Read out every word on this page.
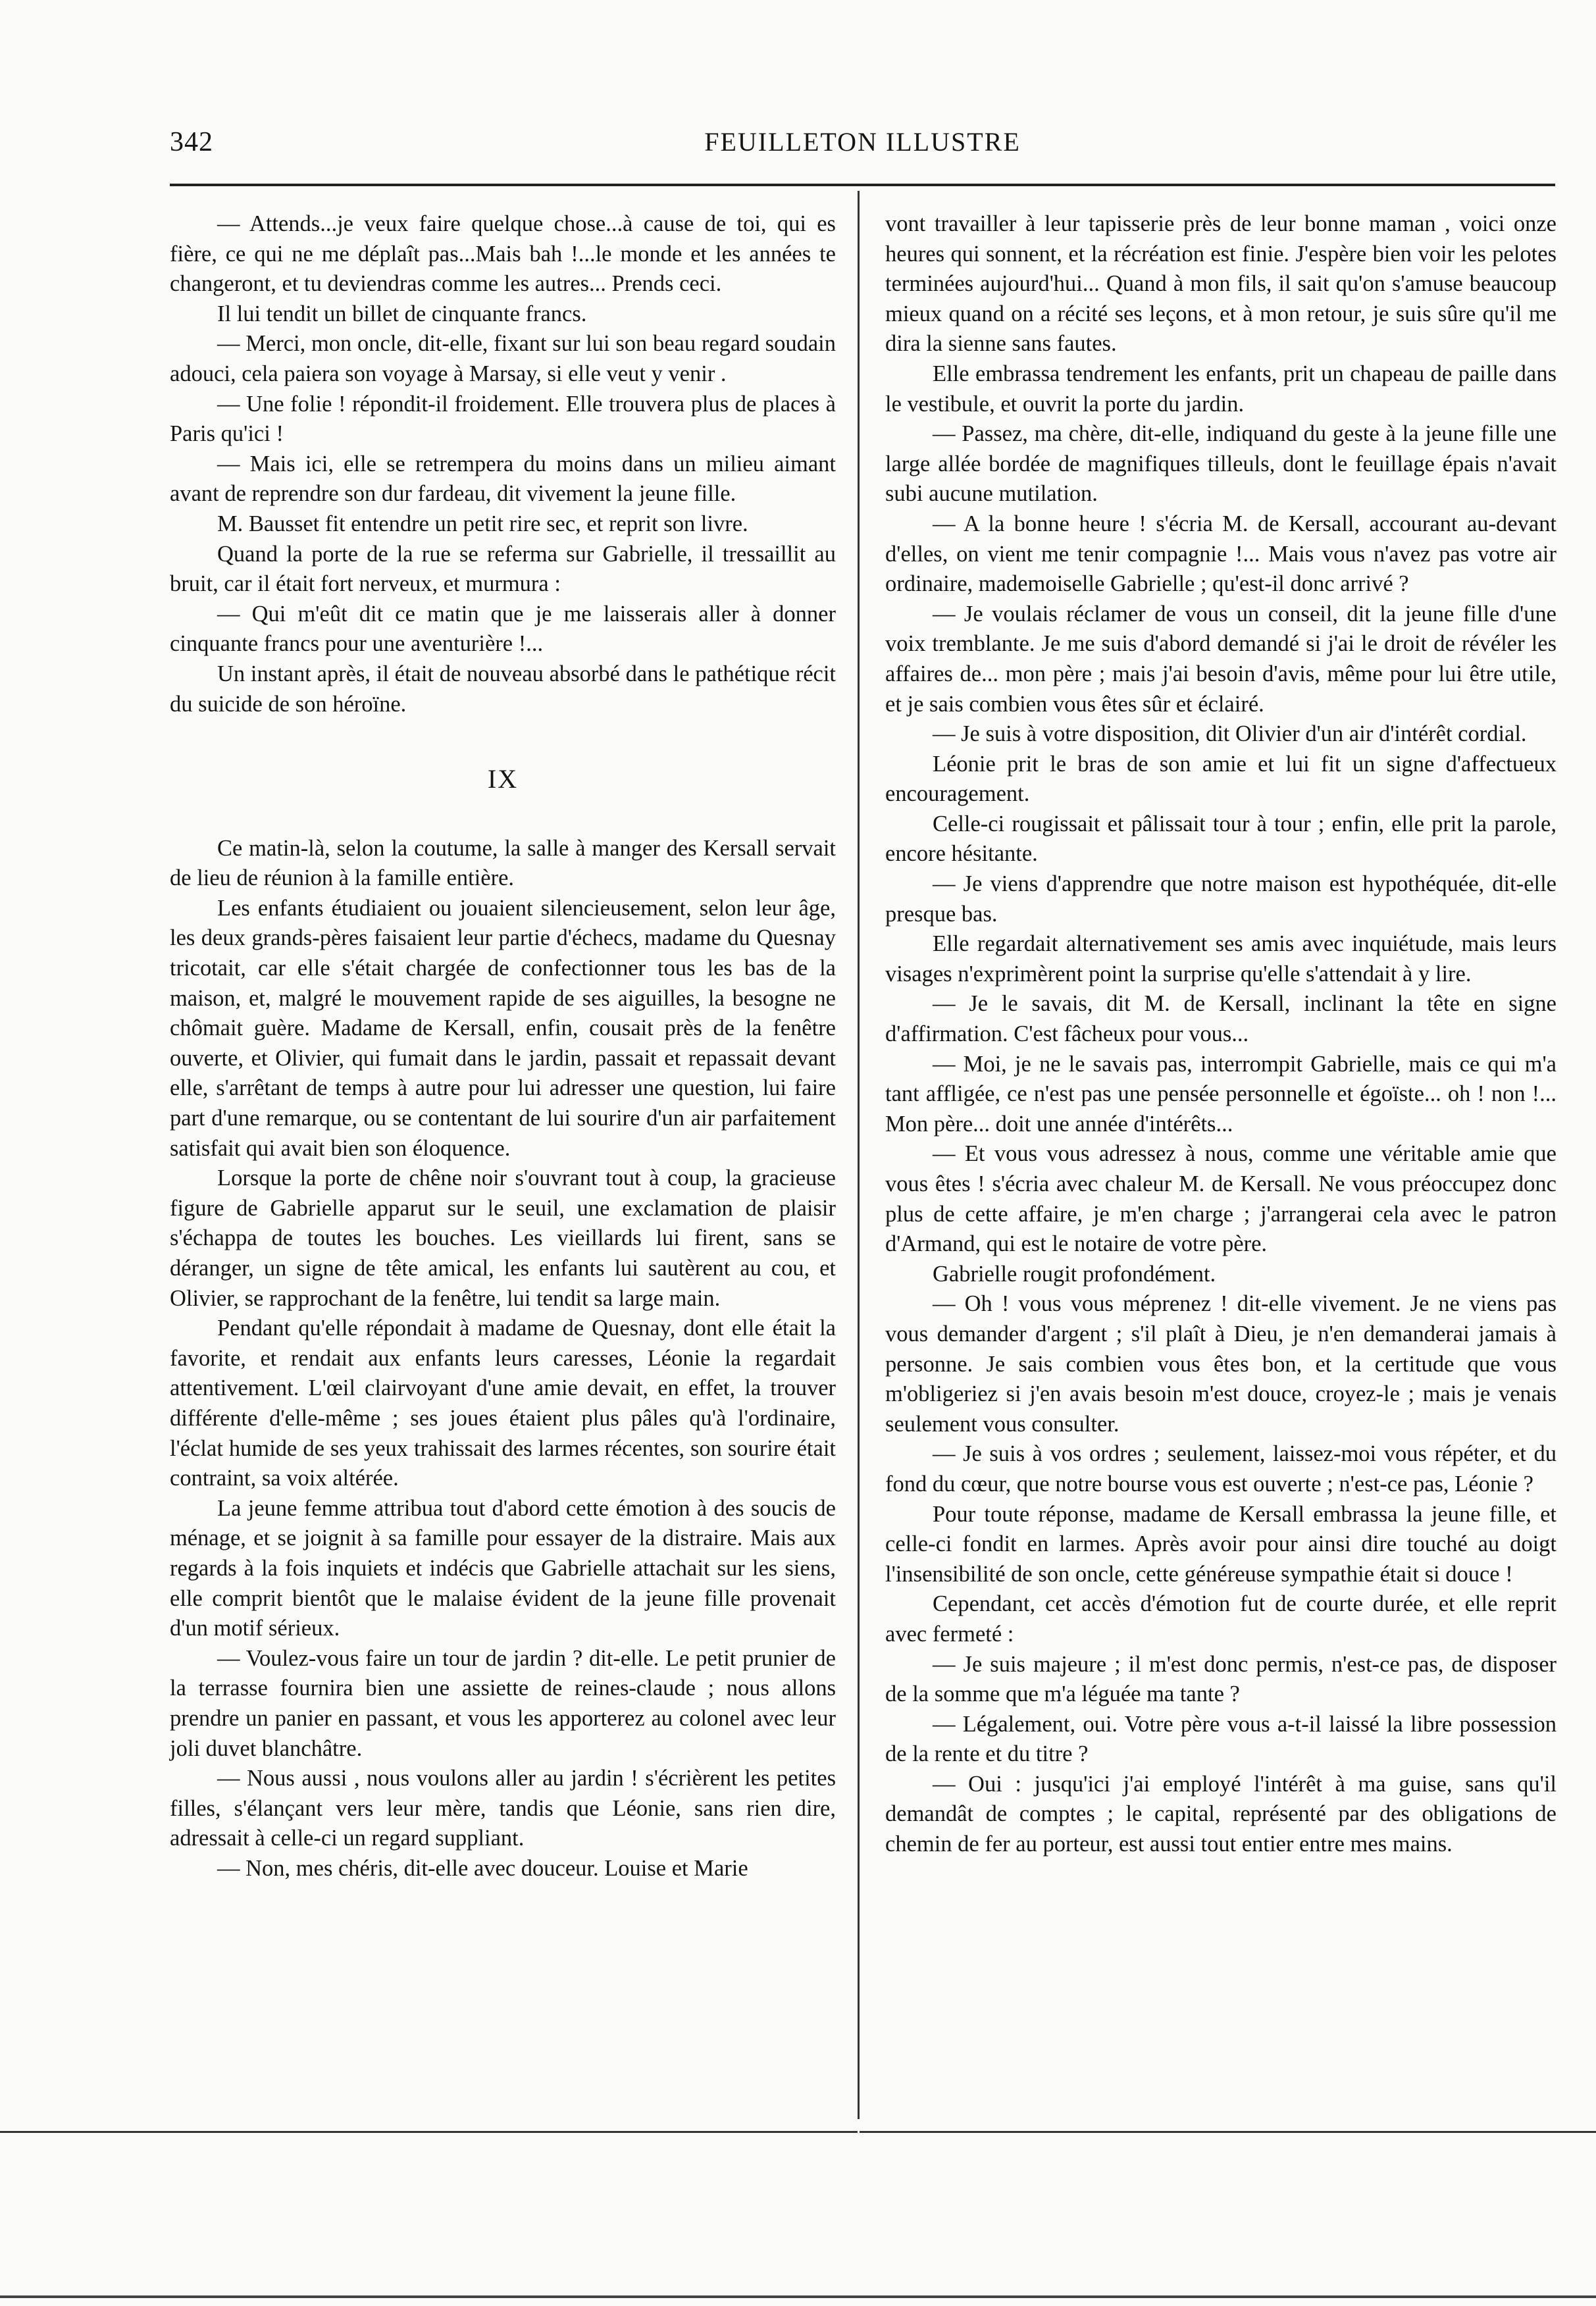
342	FEUILLETON ILLUSTRE

— Attends...je veux faire quelque chose...à cause de toi, qui es fière, ce qui ne me déplaît pas...Mais bah !...le monde et les années te changeront, et tu deviendras comme les autres... Prends ceci.

Il lui tendit un billet de cinquante francs.

— Merci, mon oncle, dit-elle, fixant sur lui son beau regard soudain adouci, cela paiera son voyage à Marsay, si elle veut y venir .

— Une folie ! répondit-il froidement. Elle trouvera plus de places à Paris qu'ici !

— Mais ici, elle se retrempera du moins dans un milieu aimant avant de reprendre son dur fardeau, dit vivement la jeune fille.

M. Bausset fit entendre un petit rire sec, et reprit son livre.

Quand la porte de la rue se referma sur Gabrielle, il tressaillit au bruit, car il était fort nerveux, et murmura :

— Qui m'eût dit ce matin que je me laisserais aller à donner cinquante francs pour une aventurière !...

Un instant après, il était de nouveau absorbé dans le pathétique récit du suicide de son héroïne.

IX

Ce matin-là, selon la coutume, la salle à manger des Kersall servait de lieu de réunion à la famille entière.

Les enfants étudiaient ou jouaient silencieusement, selon leur âge, les deux grands-pères faisaient leur partie d'échecs, madame du Quesnay tricotait, car elle s'était chargée de confectionner tous les bas de la maison, et, malgré le mouvement rapide de ses aiguilles, la besogne ne chômait guère. Madame de Kersall, enfin, cousait près de la fenêtre ouverte, et Olivier, qui fumait dans le jardin, passait et repassait devant elle, s'arrêtant de temps à autre pour lui adresser une question, lui faire part d'une remarque, ou se contentant de lui sourire d'un air parfaitement satisfait qui avait bien son éloquence.

Lorsque la porte de chêne noir s'ouvrant tout à coup, la gracieuse figure de Gabrielle apparut sur le seuil, une exclamation de plaisir s'échappa de toutes les bouches. Les vieillards lui firent, sans se déranger, un signe de tête amical, les enfants lui sautèrent au cou, et Olivier, se rapprochant de la fenêtre, lui tendit sa large main.

Pendant qu'elle répondait à madame de Quesnay, dont elle était la favorite, et rendait aux enfants leurs caresses, Léonie la regardait attentivement. L'œil clairvoyant d'une amie devait, en effet, la trouver différente d'elle-même ; ses joues étaient plus pâles qu'à l'ordinaire, l'éclat humide de ses yeux trahissait des larmes récentes, son sourire était contraint, sa voix altérée.

La jeune femme attribua tout d'abord cette émotion à des soucis de ménage, et se joignit à sa famille pour essayer de la distraire. Mais aux regards à la fois inquiets et indécis que Gabrielle attachait sur les siens, elle comprit bientôt que le malaise évident de la jeune fille provenait d'un motif sérieux.

— Voulez-vous faire un tour de jardin ? dit-elle. Le petit prunier de la terrasse fournira bien une assiette de reines-claude ; nous allons prendre un panier en passant, et vous les apporterez au colonel avec leur joli duvet blanchâtre.

— Nous aussi , nous voulons aller au jardin ! s'écrièrent les petites filles, s'élançant vers leur mère, tandis que Léonie, sans rien dire, adressait à celle-ci un regard suppliant.

— Non, mes chéris, dit-elle avec douceur. Louise et Marie

vont travailler à leur tapisserie près de leur bonne maman , voici onze heures qui sonnent, et la récréation est finie. J'espère bien voir les pelotes terminées aujourd'hui... Quand à mon fils, il sait qu'on s'amuse beaucoup mieux quand on a récité ses leçons, et à mon retour, je suis sûre qu'il me dira la sienne sans fautes.

Elle embrassa tendrement les enfants, prit un chapeau de paille dans le vestibule, et ouvrit la porte du jardin.

— Passez, ma chère, dit-elle, indiquand du geste à la jeune fille une large allée bordée de magnifiques tilleuls, dont le feuillage épais n'avait subi aucune mutilation.

— A la bonne heure ! s'écria M. de Kersall, accourant au-devant d'elles, on vient me tenir compagnie !... Mais vous n'avez pas votre air ordinaire, mademoiselle Gabrielle ; qu'est-il donc arrivé ?

— Je voulais réclamer de vous un conseil, dit la jeune fille d'une voix tremblante. Je me suis d'abord demandé si j'ai le droit de révéler les affaires de... mon père ; mais j'ai besoin d'avis, même pour lui être utile, et je sais combien vous êtes sûr et éclairé.

— Je suis à votre disposition, dit Olivier d'un air d'intérêt cordial.

Léonie prit le bras de son amie et lui fit un signe d'affectueux encouragement.

Celle-ci rougissait et pâlissait tour à tour ; enfin, elle prit la parole, encore hésitante.

— Je viens d'apprendre que notre maison est hypothéquée, dit-elle presque bas.

Elle regardait alternativement ses amis avec inquiétude, mais leurs visages n'exprimèrent point la surprise qu'elle s'attendait à y lire.

— Je le savais, dit M. de Kersall, inclinant la tête en signe d'affirmation. C'est fâcheux pour vous...

— Moi, je ne le savais pas, interrompit Gabrielle, mais ce qui m'a tant affligée, ce n'est pas une pensée personnelle et égoïste... oh ! non !... Mon père... doit une année d'intérêts...

— Et vous vous adressez à nous, comme une véritable amie que vous êtes ! s'écria avec chaleur M. de Kersall. Ne vous préoccupez donc plus de cette affaire, je m'en charge ; j'arrangerai cela avec le patron d'Armand, qui est le notaire de votre père.

Gabrielle rougit profondément.

— Oh ! vous vous méprenez ! dit-elle vivement. Je ne viens pas vous demander d'argent ; s'il plaît à Dieu, je n'en demanderai jamais à personne. Je sais combien vous êtes bon, et la certitude que vous m'obligeriez si j'en avais besoin m'est douce, croyez-le ; mais je venais seulement vous consulter.

— Je suis à vos ordres ; seulement, laissez-moi vous répéter, et du fond du cœur, que notre bourse vous est ouverte ; n'est-ce pas, Léonie ?

Pour toute réponse, madame de Kersall embrassa la jeune fille, et celle-ci fondit en larmes. Après avoir pour ainsi dire touché au doigt l'insensibilité de son oncle, cette généreuse sympathie était si douce !

Cependant, cet accès d'émotion fut de courte durée, et elle reprit avec fermeté :

— Je suis majeure ; il m'est donc permis, n'est-ce pas, de disposer de la somme que m'a léguée ma tante ?

— Légalement, oui. Votre père vous a-t-il laissé la libre possession de la rente et du titre ?

— Oui : jusqu'ici j'ai employé l'intérêt à ma guise, sans qu'il demandât de comptes ; le capital, représenté par des obligations de chemin de fer au porteur, est aussi tout entier entre mes mains.
